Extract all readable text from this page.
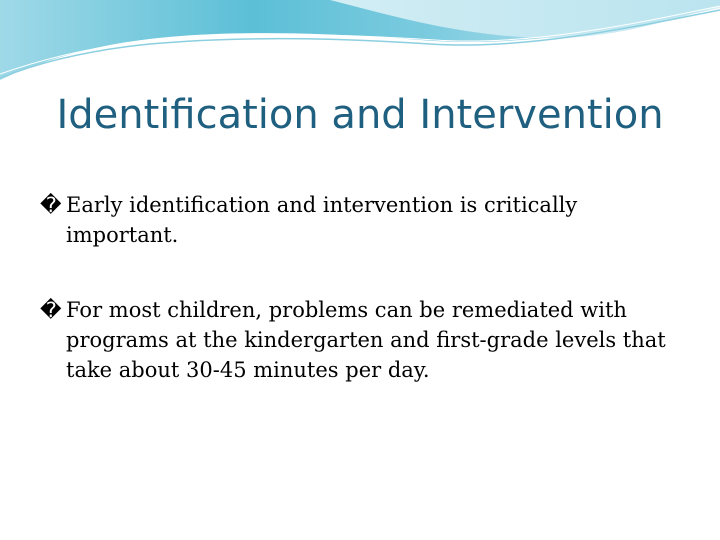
Identification and Intervention
� Early identification and intervention is critically important.
� For most children, problems can be remediated with programs at the kindergarten and first-grade levels that take about 30-45 minutes per day.
